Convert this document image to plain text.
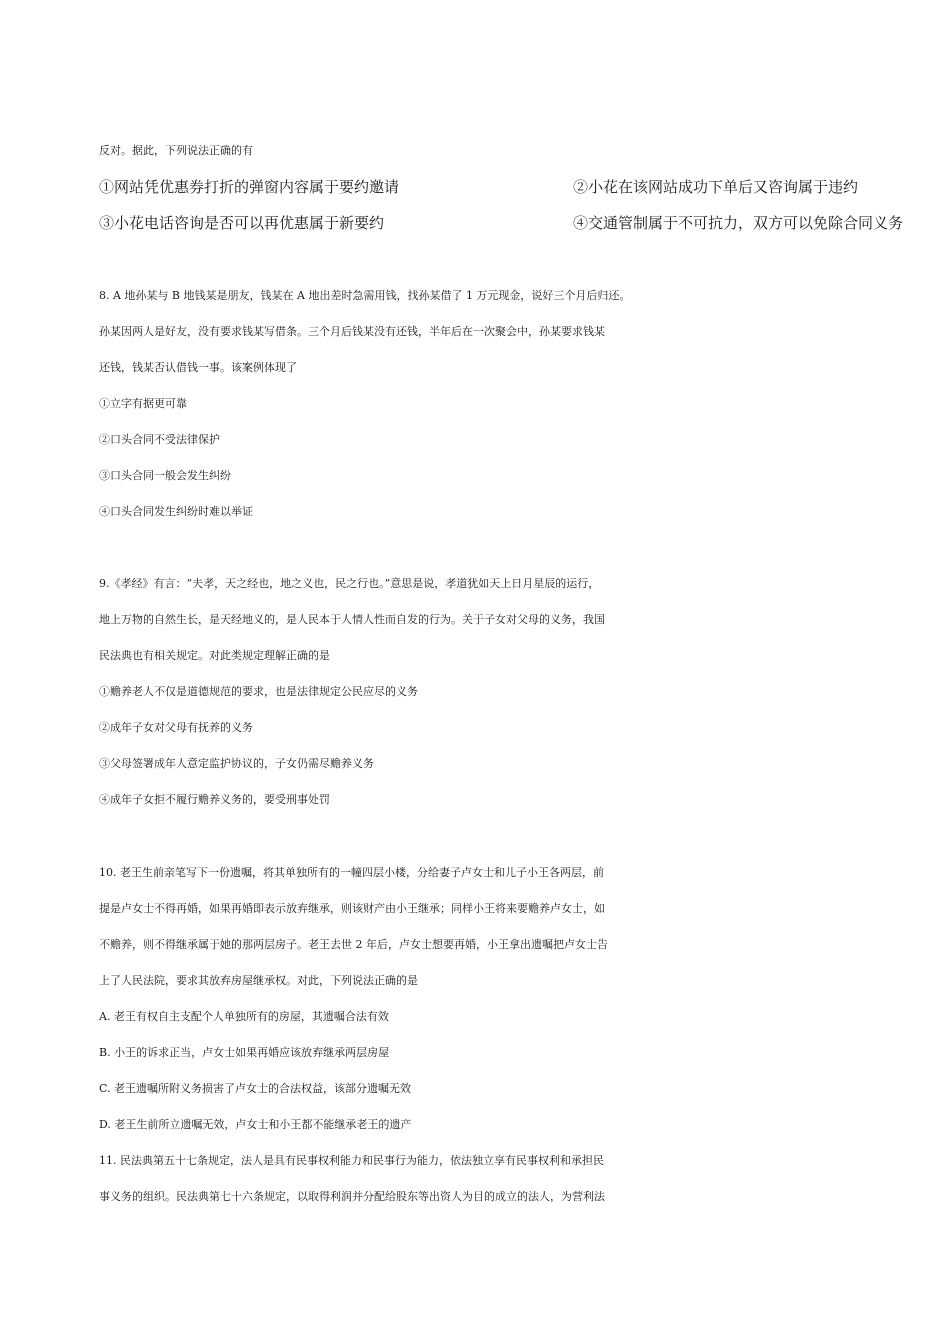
反对。据此，下列说法正确的有
①网站凭优惠券打折的弹窗内容属于要约邀请	②小花在该网站成功下单后又咨询属于违约
③小花电话咨询是否可以再优惠属于新要约	④交通管制属于不可抗力，双方可以免除合同义务
8. A 地孙某与 B 地钱某是朋友，钱某在 A 地出差时急需用钱，找孙某借了 1 万元现金，说好三个月后归还。
孙某因两人是好友，没有要求钱某写借条。三个月后钱某没有还钱，半年后在一次聚会中，孙某要求钱某
还钱，钱某否认借钱一事。该案例体现了
①立字有据更可靠
②口头合同不受法律保护
③口头合同一般会发生纠纷
④口头合同发生纠纷时难以举证
9.《孝经》有言：“夫孝，天之经也，地之义也，民之行也。”意思是说，孝道犹如天上日月星辰的运行，
地上万物的自然生长，是天经地义的，是人民本于人情人性而自发的行为。关于子女对父母的义务，我国
民法典也有相关规定。对此类规定理解正确的是
①赡养老人不仅是道德规范的要求，也是法律规定公民应尽的义务
②成年子女对父母有抚养的义务
③父母签署成年人意定监护协议的，子女仍需尽赡养义务
④成年子女拒不履行赡养义务的，要受刑事处罚
10. 老王生前亲笔写下一份遗嘱，将其单独所有的一幢四层小楼，分给妻子卢女士和儿子小王各两层，前
提是卢女士不得再婚，如果再婚即表示放弃继承，则该财产由小王继承；同样小王将来要赡养卢女士，如
不赡养，则不得继承属于她的那两层房子。老王去世 2 年后，卢女士想要再婚，小王拿出遗嘱把卢女士告
上了人民法院，要求其放弃房屋继承权。对此，下列说法正确的是
A. 老王有权自主支配个人单独所有的房屋，其遗嘱合法有效
B. 小王的诉求正当，卢女士如果再婚应该放弃继承两层房屋
C. 老王遗嘱所附义务损害了卢女士的合法权益，该部分遗嘱无效
D. 老王生前所立遗嘱无效，卢女士和小王都不能继承老王的遗产
11. 民法典第五十七条规定，法人是具有民事权利能力和民事行为能力，依法独立享有民事权利和承担民
事义务的组织。民法典第七十六条规定，以取得利润并分配给股东等出资人为目的成立的法人，为营利法
